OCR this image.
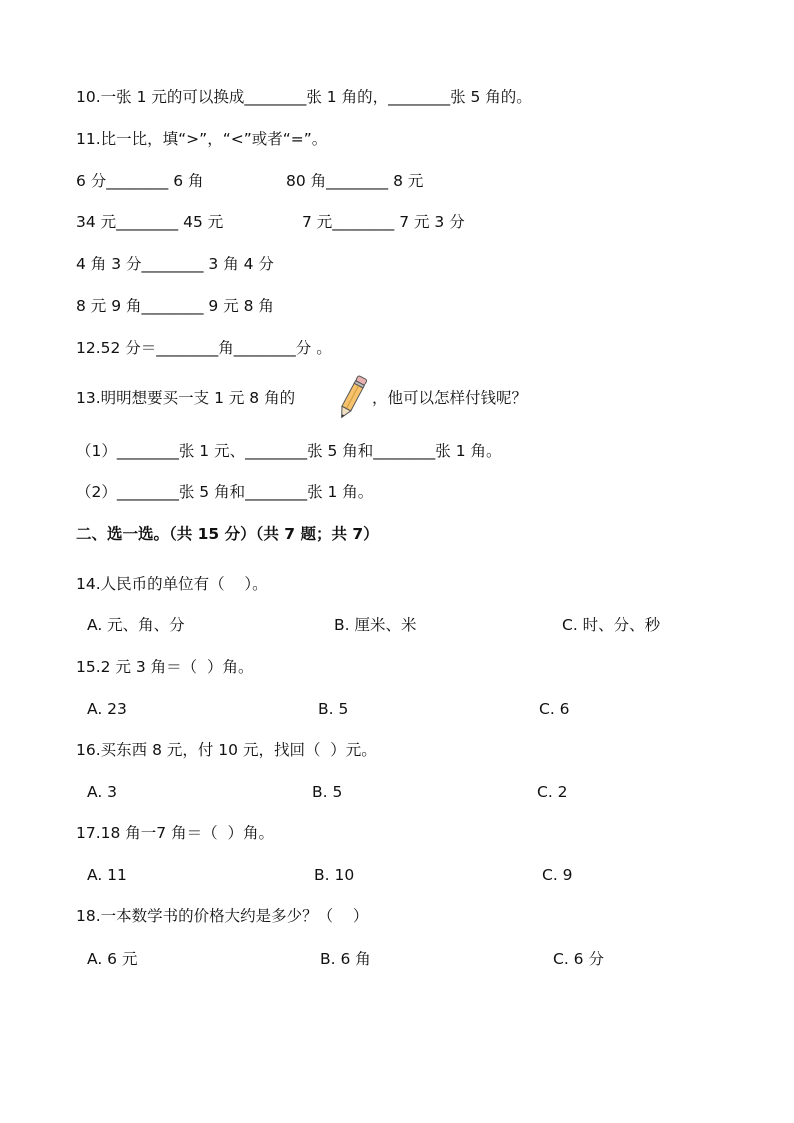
10.一张 1 元的可以换成________张 1 角的，________张 5 角的。
11.比一比，填“>”，“<”或者“=”。
6 分________ 6 角	80 角________ 8 元
34 元________ 45 元	7 元________ 7 元 3 分
4 角 3 分________ 3 角 4 分
8 元 9 角________ 9 元 8 角
12.52 分＝________角________分 。
13.明明想要买一支 1 元 8 角的	，他可以怎样付钱呢？
（1）________张 1 元、________张 5 角和________张 1 角。
（2）________张 5 角和________张 1 角。
二、选一选。（共 15 分）（共 7 题；共 7）
14.人民币的单位有（    ）。
A. 元、角、分	B. 厘米、米	C. 时、分、秒
15.2 元 3 角＝（  ）角。
A. 23	B. 5	C. 6
16.买东西 8 元，付 10 元，找回（  ）元。
A. 3	B. 5	C. 2
17.18 角一7 角＝（  ）角。
A. 11	B. 10	C. 9
18.一本数学书的价格大约是多少？（    ）
A. 6 元	B. 6 角	C. 6 分
